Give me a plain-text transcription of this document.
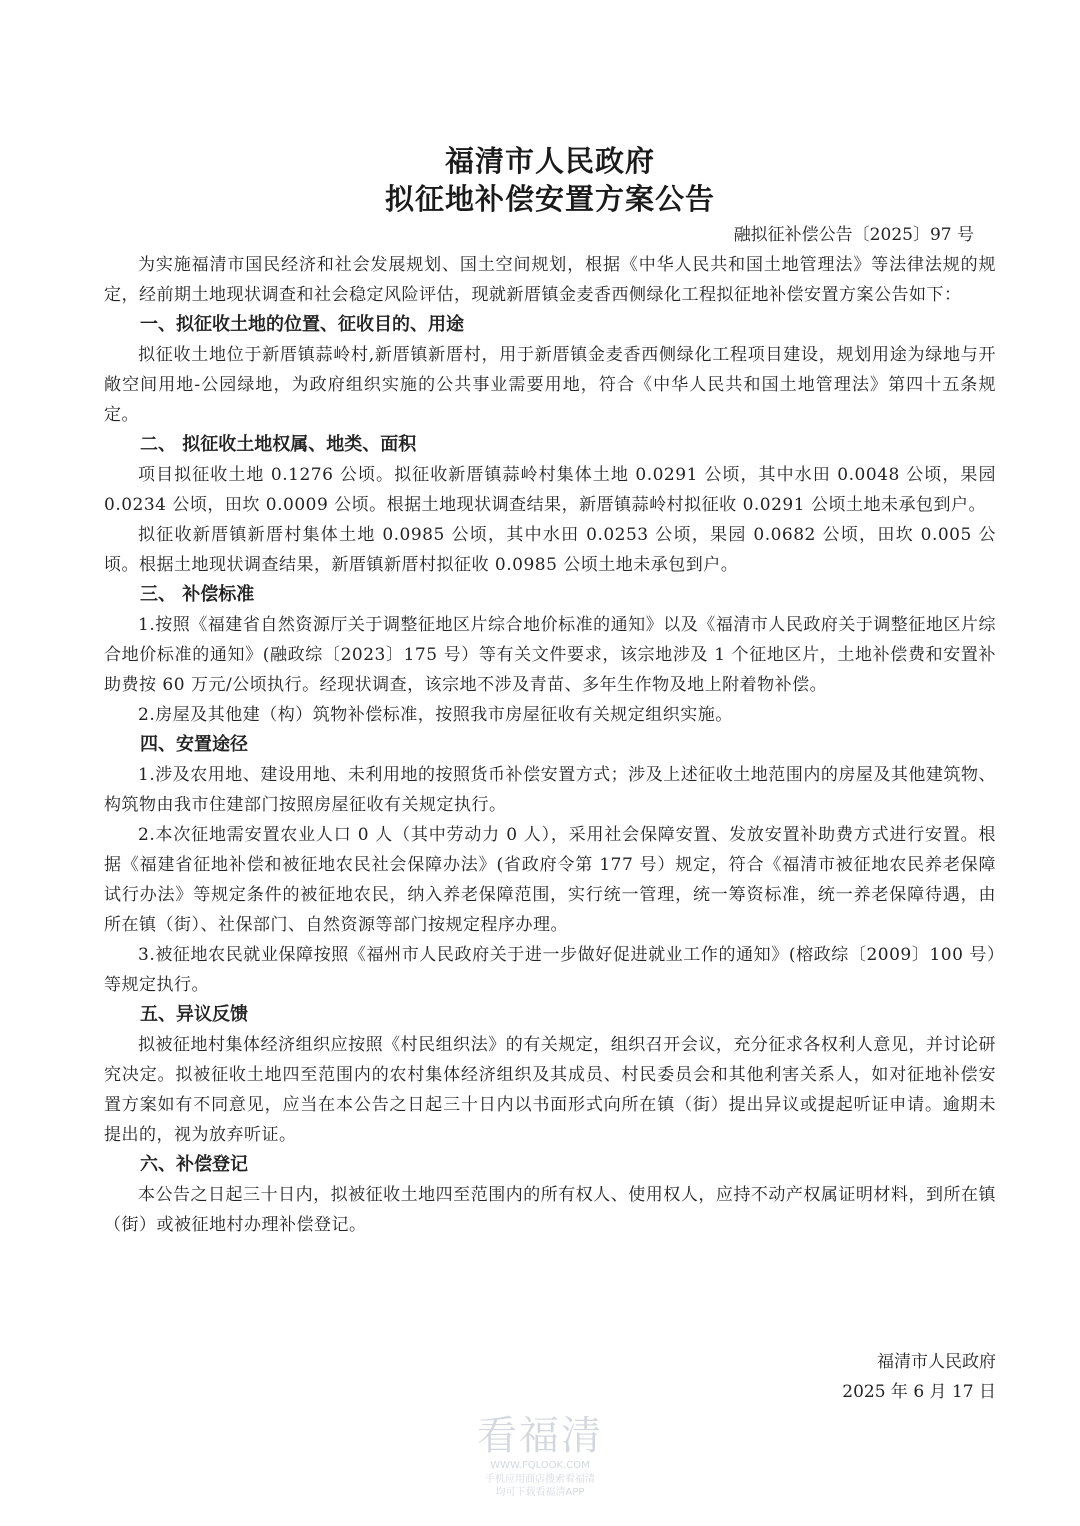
福清市人民政府
拟征地补偿安置方案公告
融拟征补偿公告〔2025〕97 号

为实施福清市国民经济和社会发展规划、国土空间规划，根据《中华人民共和国土地管理法》等法律法规的规定，经前期土地现状调查和社会稳定风险评估，现就新厝镇金麦香西侧绿化工程拟征地补偿安置方案公告如下：

一、拟征收土地的位置、征收目的、用途

拟征收土地位于新厝镇蒜岭村,新厝镇新厝村，用于新厝镇金麦香西侧绿化工程项目建设，规划用途为绿地与开敞空间用地-公园绿地，为政府组织实施的公共事业需要用地，符合《中华人民共和国土地管理法》第四十五条规定。

二、 拟征收土地权属、地类、面积

项目拟征收土地 0.1276 公顷。拟征收新厝镇蒜岭村集体土地 0.0291 公顷，其中水田 0.0048 公顷，果园 0.0234 公顷，田坎 0.0009 公顷。根据土地现状调查结果，新厝镇蒜岭村拟征收 0.0291 公顷土地未承包到户。

拟征收新厝镇新厝村集体土地 0.0985 公顷，其中水田 0.0253 公顷，果园 0.0682 公顷，田坎 0.005 公顷。根据土地现状调查结果，新厝镇新厝村拟征收 0.0985 公顷土地未承包到户。

三、 补偿标准

1.按照《福建省自然资源厅关于调整征地区片综合地价标准的通知》以及《福清市人民政府关于调整征地区片综合地价标准的通知》(融政综〔2023〕175 号）等有关文件要求，该宗地涉及 1 个征地区片，土地补偿费和安置补助费按 60 万元/公顷执行。经现状调查，该宗地不涉及青苗、多年生作物及地上附着物补偿。

2.房屋及其他建（构）筑物补偿标准，按照我市房屋征收有关规定组织实施。

四、安置途径

1.涉及农用地、建设用地、未利用地的按照货币补偿安置方式；涉及上述征收土地范围内的房屋及其他建筑物、构筑物由我市住建部门按照房屋征收有关规定执行。

2.本次征地需安置农业人口 0 人（其中劳动力 0 人），采用社会保障安置、发放安置补助费方式进行安置。根据《福建省征地补偿和被征地农民社会保障办法》(省政府令第 177 号）规定，符合《福清市被征地农民养老保障试行办法》等规定条件的被征地农民，纳入养老保障范围，实行统一管理，统一筹资标准，统一养老保障待遇，由所在镇（街）、社保部门、自然资源等部门按规定程序办理。

3.被征地农民就业保障按照《福州市人民政府关于进一步做好促进就业工作的通知》(榕政综〔2009〕100 号）等规定执行。

五、异议反馈

拟被征地村集体经济组织应按照《村民组织法》的有关规定，组织召开会议，充分征求各权利人意见，并讨论研究决定。拟被征收土地四至范围内的农村集体经济组织及其成员、村民委员会和其他利害关系人，如对征地补偿安置方案如有不同意见，应当在本公告之日起三十日内以书面形式向所在镇（街）提出异议或提起听证申请。逾期未提出的，视为放弃听证。

六、补偿登记

本公告之日起三十日内，拟被征收土地四至范围内的所有权人、使用权人，应持不动产权属证明材料，到所在镇（街）或被征地村办理补偿登记。

福清市人民政府
2025 年 6 月 17 日
看福清
WWW.FQLOOK.COM
手机应用商店搜索看福清
均可下载看福清APP
